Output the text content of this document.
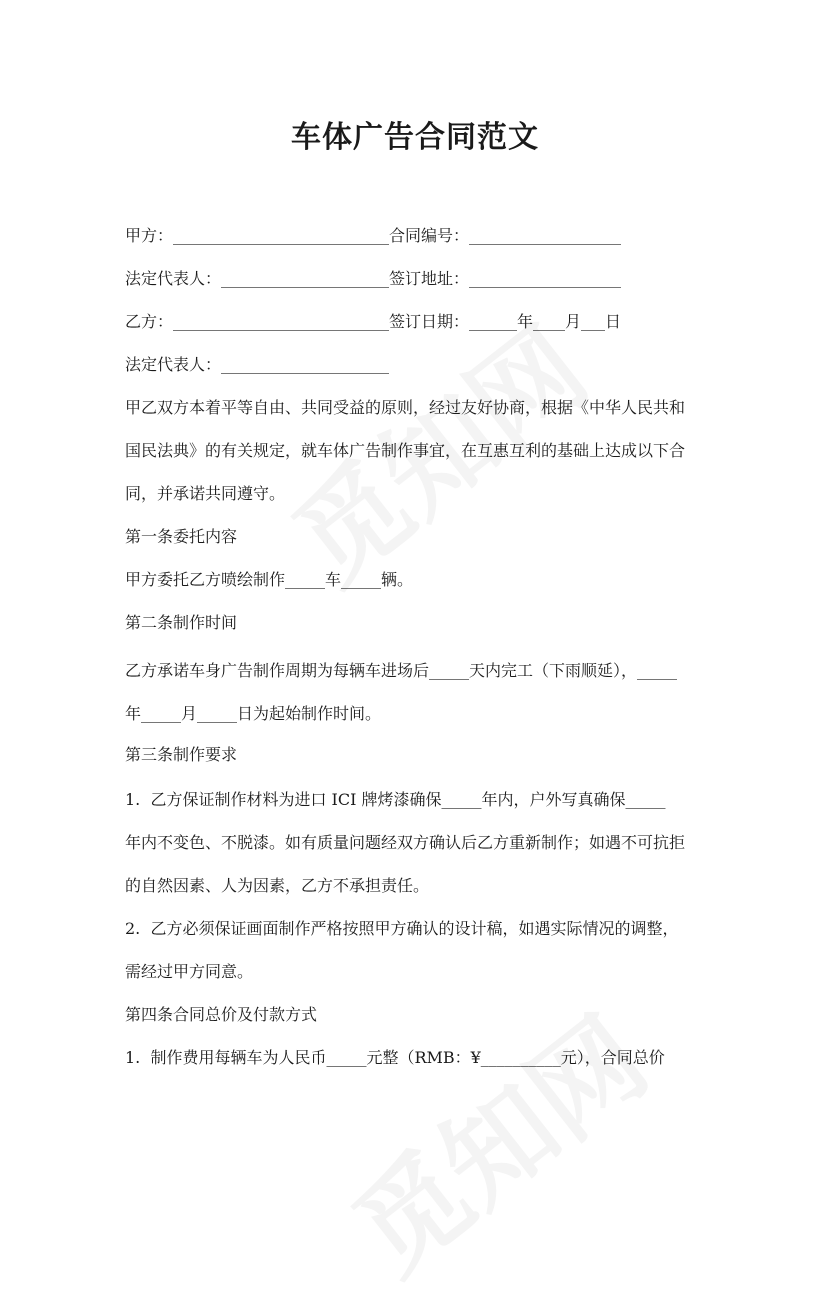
车体广告合同范文
甲方：___________________________合同编号：___________________
法定代表人：_____________________签订地址：___________________
乙方：___________________________签订日期：______年____月___日
法定代表人：_____________________
甲乙双方本着平等自由、共同受益的原则，经过友好协商，根据《中华人民共和
国民法典》的有关规定，就车体广告制作事宜，在互惠互利的基础上达成以下合
同，并承诺共同遵守。
第一条委托内容
甲方委托乙方喷绘制作_____车_____辆。
第二条制作时间
乙方承诺车身广告制作周期为每辆车进场后_____天内完工（下雨顺延），_____
年_____月_____日为起始制作时间。
第三条制作要求
1.  乙方保证制作材料为进口 ICI 牌烤漆确保_____年内，户外写真确保_____
年内不变色、不脱漆。如有质量问题经双方确认后乙方重新制作；如遇不可抗拒
的自然因素、人为因素，乙方不承担责任。
2.  乙方必须保证画面制作严格按照甲方确认的设计稿，如遇实际情况的调整，
需经过甲方同意。
第四条合同总价及付款方式
1.  制作费用每辆车为人民币_____元整（RMB：¥__________元），合同总价
